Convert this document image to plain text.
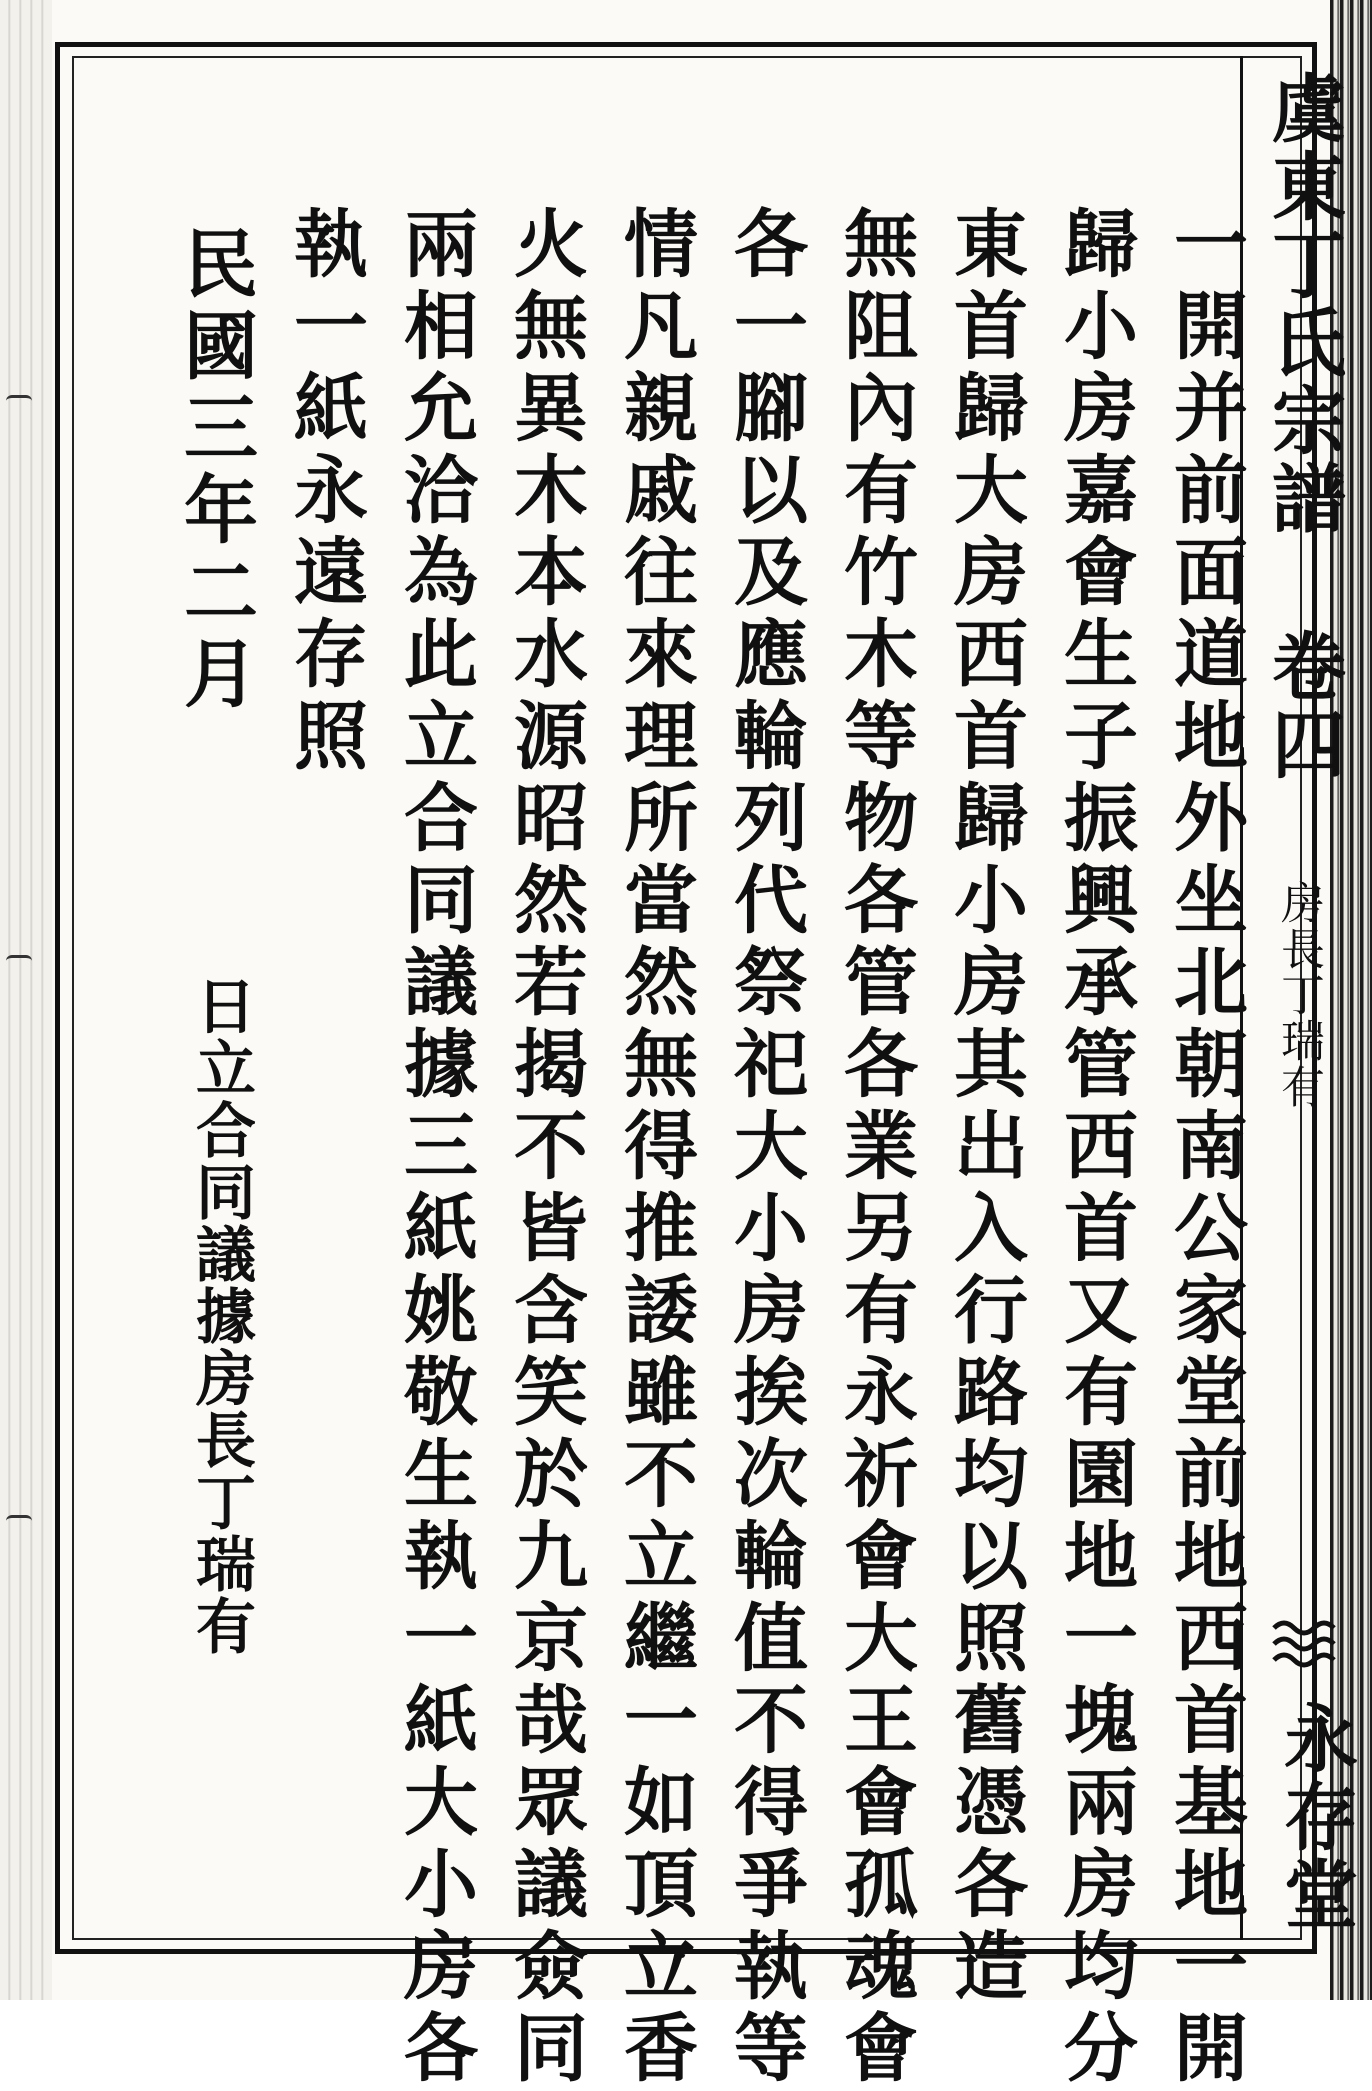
虞東丁氏宗譜 卷四
房長丁瑞有
永存堂
一開并前面道地外坐北朝南公家堂前地西首基地一開
歸小房嘉會生子振興承管西首又有園地一塊兩房均分
東首歸大房西首歸小房其出入行路均以照舊憑各造
無阻內有竹木等物各管各業另有永祈會大王會孤魂會
各一腳以及應輪列代祭祀大小房挨次輪值不得爭執等
情凡親戚往來理所當然無得推諉雖不立繼一如頂立香
火無異木本水源昭然若揭不皆含笑於九京哉眾議僉同
兩相允洽為此立合同議據三紙姚敬生執一紙大小房各
執一紙永遠存照
民國三年二月
日立合同議據房長丁瑞有
